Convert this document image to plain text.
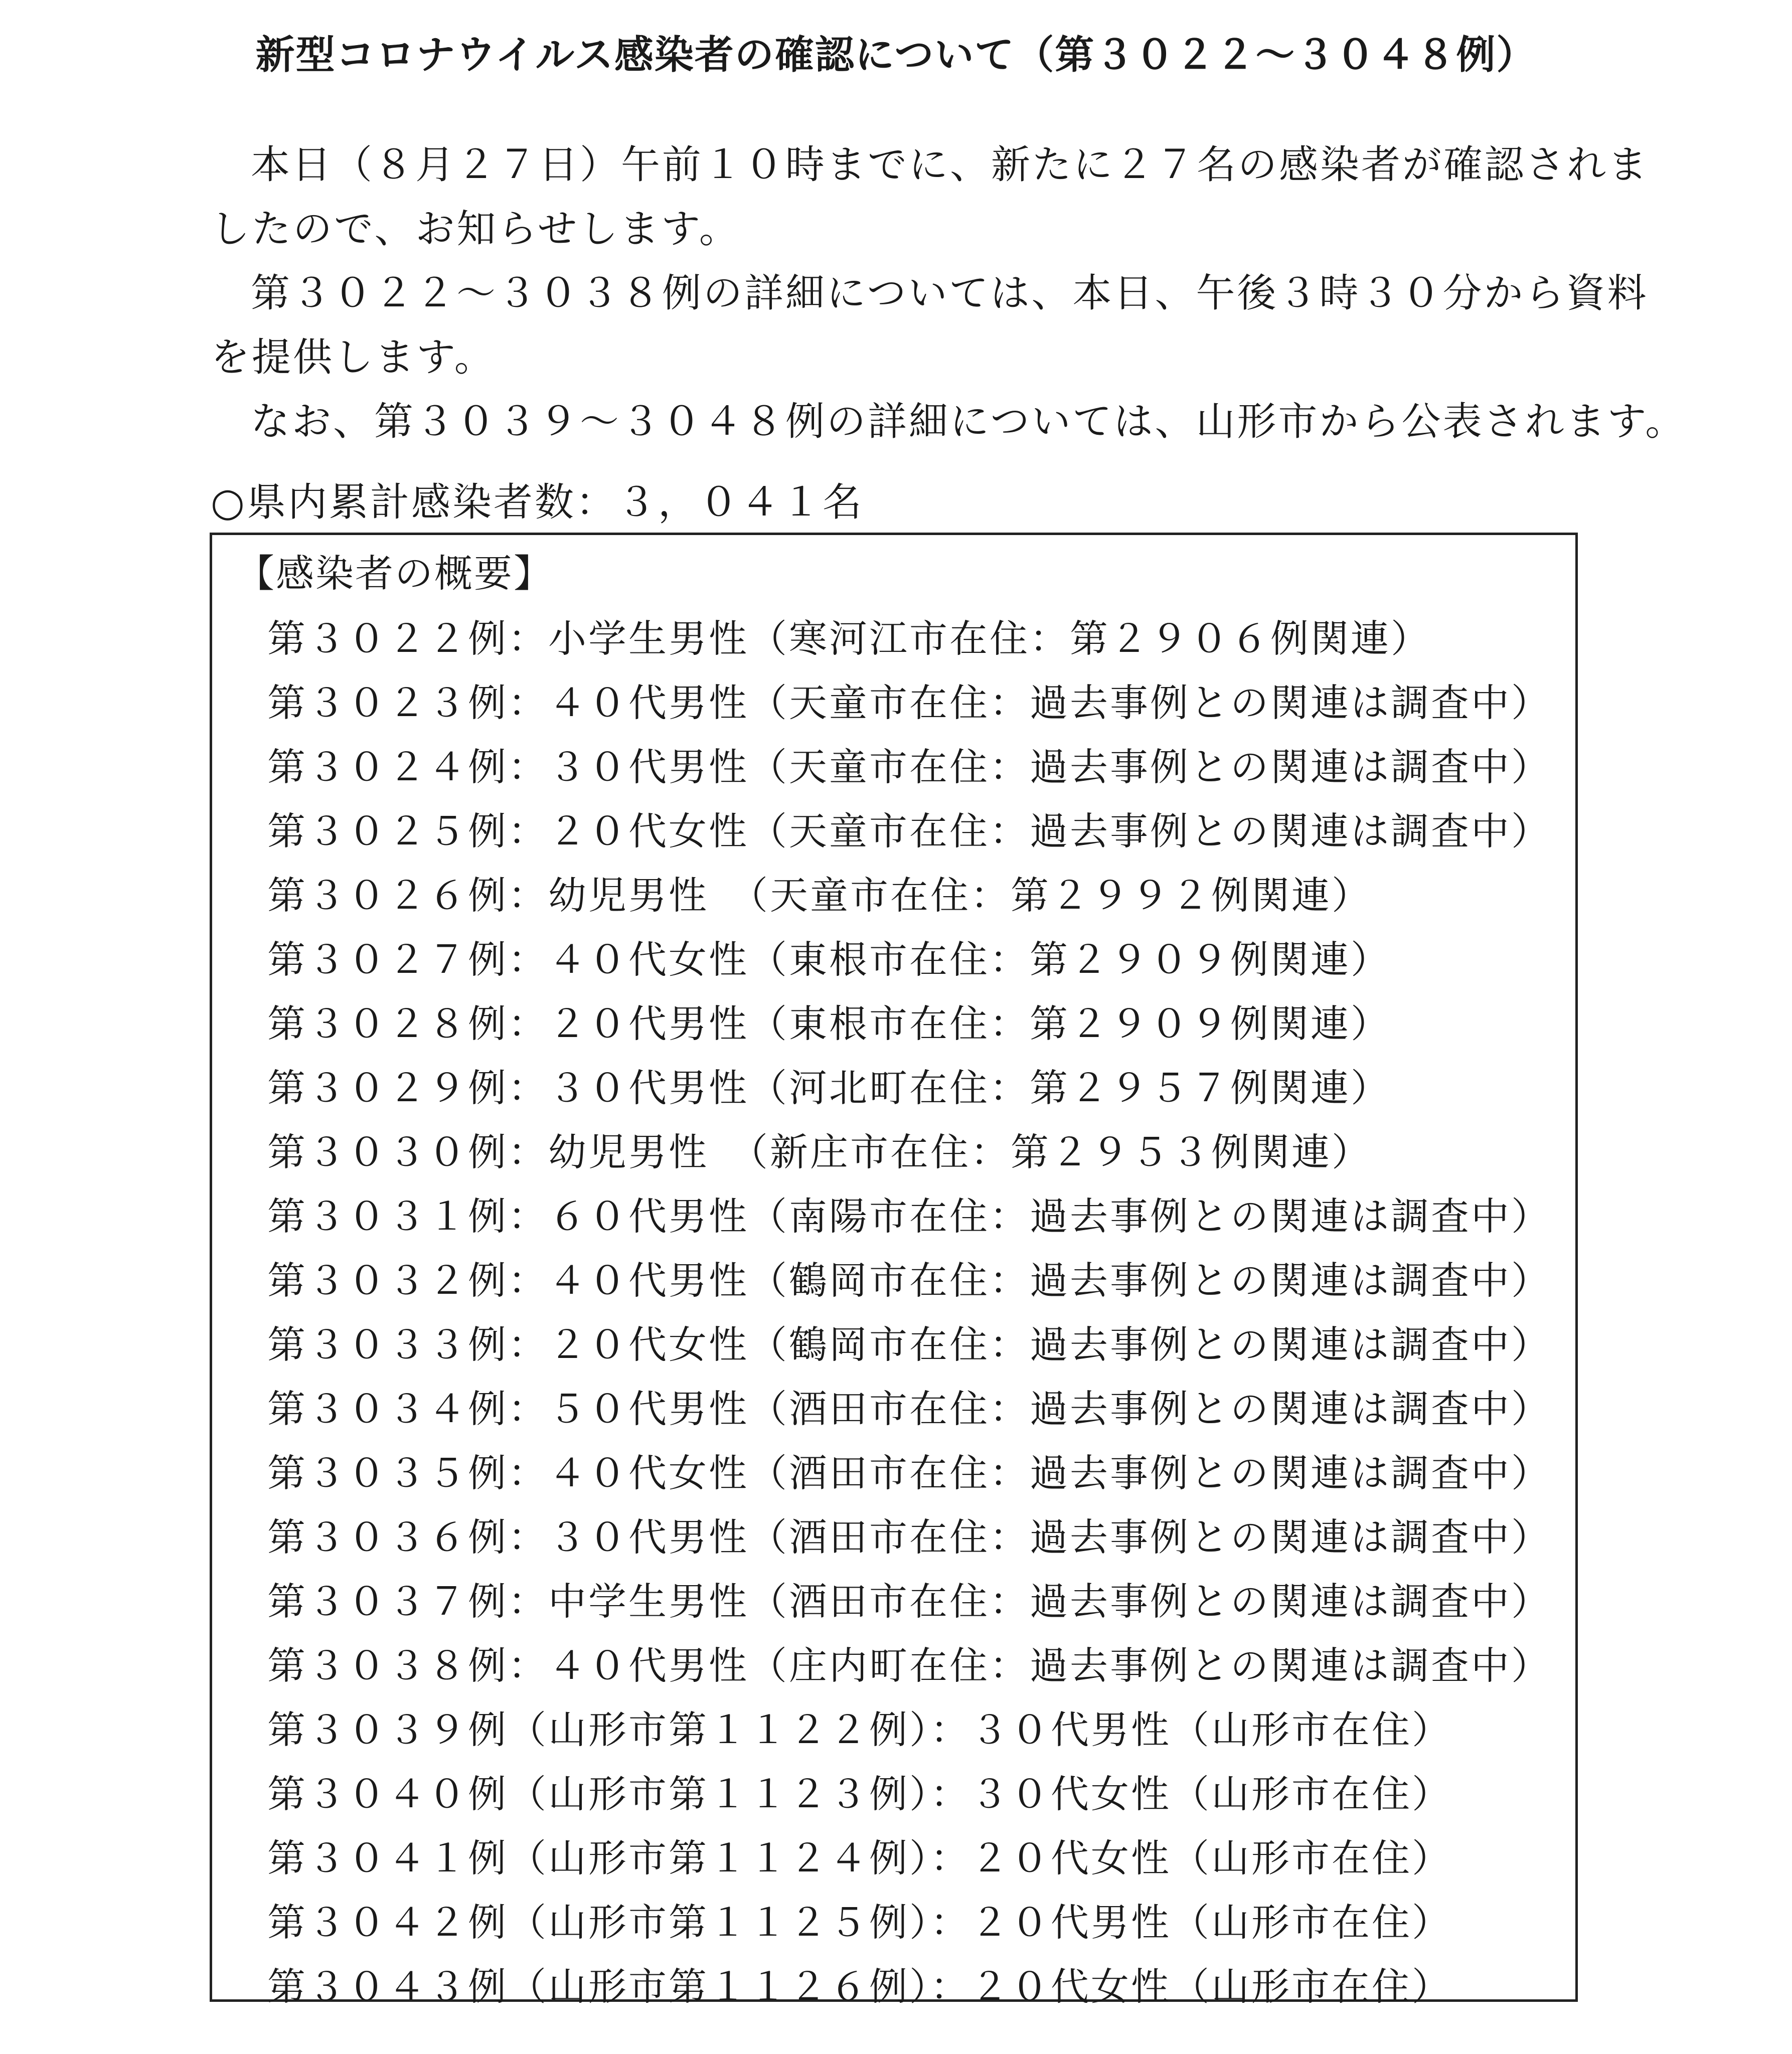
新型コロナウイルス感染者の確認について（第３０２２～３０４８例）
本日（８月２７日）午前１０時までに、新たに２７名の感染者が確認されま
したので、お知らせします。
第３０２２～３０３８例の詳細については、本日、午後３時３０分から資料
を提供します。
なお、第３０３９～３０４８例の詳細については、山形市から公表されます。
○県内累計感染者数：３，０４１名
【感染者の概要】
第３０２２例：小学生男性（寒河江市在住：第２９０６例関連）
第３０２３例：４０代男性（天童市在住：過去事例との関連は調査中）
第３０２４例：３０代男性（天童市在住：過去事例との関連は調査中）
第３０２５例：２０代女性（天童市在住：過去事例との関連は調査中）
第３０２６例：幼児男性　（天童市在住：第２９９２例関連）
第３０２７例：４０代女性（東根市在住：第２９０９例関連）
第３０２８例：２０代男性（東根市在住：第２９０９例関連）
第３０２９例：３０代男性（河北町在住：第２９５７例関連）
第３０３０例：幼児男性　（新庄市在住：第２９５３例関連）
第３０３１例：６０代男性（南陽市在住：過去事例との関連は調査中）
第３０３２例：４０代男性（鶴岡市在住：過去事例との関連は調査中）
第３０３３例：２０代女性（鶴岡市在住：過去事例との関連は調査中）
第３０３４例：５０代男性（酒田市在住：過去事例との関連は調査中）
第３０３５例：４０代女性（酒田市在住：過去事例との関連は調査中）
第３０３６例：３０代男性（酒田市在住：過去事例との関連は調査中）
第３０３７例：中学生男性（酒田市在住：過去事例との関連は調査中）
第３０３８例：４０代男性（庄内町在住：過去事例との関連は調査中）
第３０３９例（山形市第１１２２例）：３０代男性（山形市在住）
第３０４０例（山形市第１１２３例）：３０代女性（山形市在住）
第３０４１例（山形市第１１２４例）：２０代女性（山形市在住）
第３０４２例（山形市第１１２５例）：２０代男性（山形市在住）
第３０４３例（山形市第１１２６例）：２０代女性（山形市在住）
